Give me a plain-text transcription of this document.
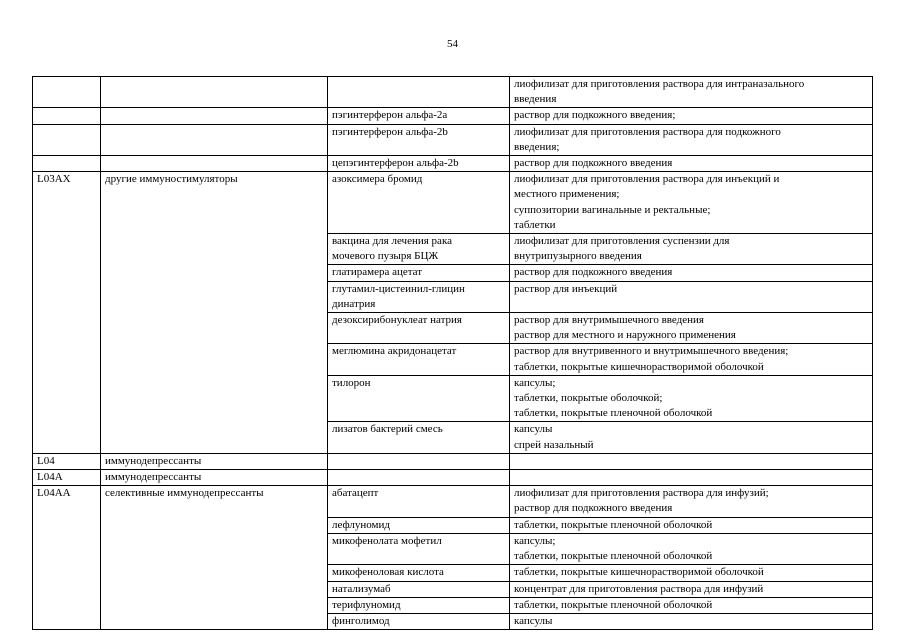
54

			лиофилизат для приготовления раствора для интраназального
введения

		пэгинтерферон альфа-2a	раствор для подкожного введения;

		пэгинтерферон альфа-2b	лиофилизат для приготовления раствора для подкожного
введения;

		цепэгинтерферон альфа-2b	раствор для подкожного введения

L03AX	другие иммуностимуляторы	азоксимера бромид	лиофилизат для приготовления раствора для инъекций и
местного применения;
суппозитории вагинальные и ректальные;
таблетки

		вакцина для лечения рака
мочевого пузыря БЦЖ	лиофилизат для приготовления суспензии для
внутрипузырного введения

		глатирамера ацетат	раствор для подкожного введения

		глутамил-цистеинил-глицин
динатрия	раствор для инъекций

		дезоксирибонуклеат натрия	раствор для внутримышечного введения
раствор для местного и наружного применения

		меглюмина акридонацетат	раствор для внутривенного и внутримышечного введения;
таблетки, покрытые кишечнорастворимой оболочкой

		тилорон	капсулы;
таблетки, покрытые оболочкой;
таблетки, покрытые пленочной оболочкой

		лизатов бактерий смесь	капсулы
спрей назальный

L04	иммунодепрессанты		
L04A	иммунодепрессанты		
L04AA	селективные иммунодепрессанты	абатацепт	лиофилизат для приготовления раствора для инфузий;
раствор для подкожного введения

		лефлуномид	таблетки, покрытые пленочной оболочкой

		микофенолата мофетил	капсулы;
таблетки, покрытые пленочной оболочкой

		микофеноловая кислота	таблетки, покрытые кишечнорастворимой оболочкой

		натализумаб	концентрат для приготовления раствора для инфузий

		терифлуномид	таблетки, покрытые пленочной оболочкой

		финголимод	капсулы
